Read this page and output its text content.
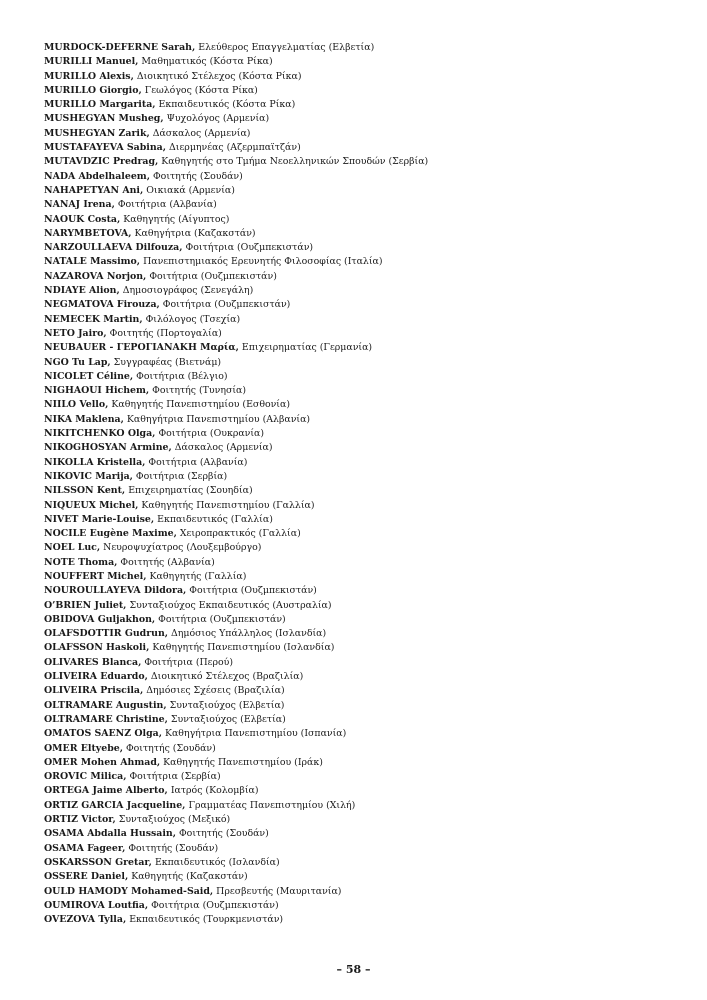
MURDOCK-DEFERNE Sarah, Ελεύθερος Επαγγελματίας (Ελβετία)
MURILLI Manuel, Μαθηματικός (Κόστα Ρίκα)
MURILLO Alexis, Διοικητικό Στέλεχος (Κόστα Ρίκα)
MURILLO Giorgio, Γεωλόγος (Κόστα Ρίκα)
MURILLO Margarita, Εκπαιδευτικός (Κόστα Ρίκα)
MUSHEGYAN Musheg, Ψυχολόγος (Αρμενία)
MUSHEGYAN Zarik, Δάσκαλος (Αρμενία)
MUSTAFAYEVA Sabina, Διερμηνέας (Αζερμπαϊτζάν)
MUTAVDZIC Predrag, Καθηγητής στο Τμήμα Νεοελληνικών Σπουδών (Σερβία)
NADA Abdelhaleem, Φοιτητής (Σουδάν)
NAHAPETYAN Ani, Οικιακά (Αρμενία)
NANAJ Irena, Φοιτήτρια (Αλβανία)
NAOUK Costa, Καθηγητής (Αίγυπτος)
NARYMBETOVA, Καθηγήτρια (Καζακστάν)
NARZOULLAEVA Dilfouza, Φοιτήτρια (Ουζμπεκιστάν)
NATALE Massimo, Πανεπιστημιακός Ερευνητής Φιλοσοφίας (Ιταλία)
NAZAROVA Norjon, Φοιτήτρια (Ουζμπεκιστάν)
NDIAYE Alion, Δημοσιογράφος (Σενεγάλη)
NEGMATOVA Firouza, Φοιτήτρια (Ουζμπεκιστάν)
NEMECEK Martin, Φιλόλογος (Τσεχία)
NETO Jairo, Φοιτητής (Πορτογαλία)
NEUBAUER - ΓΕΡΟΓΙΑΝΑΚΗ Μαρία, Επιχειρηματίας (Γερμανία)
NGO Tu Lap, Συγγραφέας (Βιετνάμ)
NICOLET Céline, Φοιτήτρια (Βέλγιο)
NIGHAOUI Hichem, Φοιτητής (Τυνησία)
NIILO Vello, Καθηγητής Πανεπιστημίου (Εσθονία)
NIKA Maklena, Καθηγήτρια Πανεπιστημίου (Αλβανία)
NIKITCHENKO Olga, Φοιτήτρια (Ουκρανία)
NIKOGHOSYAN Armine, Δάσκαλος (Αρμενία)
NIKOLLA Kristella, Φοιτήτρια (Αλβανία)
NIKOVIC Marija, Φοιτήτρια (Σερβία)
NILSSON Kent, Επιχειρηματίας (Σουηδία)
NIQUEUX Michel, Καθηγητής Πανεπιστημίου (Γαλλία)
NIVET Marie-Louise, Εκπαιδευτικός (Γαλλία)
NOCILE Eugène Maxime, Χειροπρακτικός (Γαλλία)
NOEL Luc, Νευροψυχίατρος (Λουξεμβούργο)
NOTE Thoma, Φοιτητής (Αλβανία)
NOUFFERT Michel, Καθηγητής (Γαλλία)
NOUROULLAYEVA Dildora, Φοιτήτρια (Ουζμπεκιστάν)
O’BRIEN Juliet, Συνταξιούχος Εκπαιδευτικός (Αυστραλία)
OBIDOVA Guljakhon, Φοιτήτρια (Ουζμπεκιστάν)
OLAFSDOTTIR Gudrun, Δημόσιος Υπάλληλος (Ισλανδία)
OLAFSSON Haskoli, Καθηγητής Πανεπιστημίου (Ισλανδία)
OLIVARES Blanca, Φοιτήτρια (Περού)
OLIVEIRA Eduardo, Διοικητικό Στέλεχος (Βραζιλία)
OLIVEIRA Priscila, Δημόσιες Σχέσεις (Βραζιλία)
OLTRAMARE Augustin, Συνταξιούχος (Ελβετία)
OLTRAMARE Christine, Συνταξιούχος (Ελβετία)
OMATOS SAENZ Olga, Καθηγήτρια Πανεπιστημίου (Ισπανία)
OMER Eltyebe, Φοιτητής (Σουδάν)
OMER Mohen Ahmad, Καθηγητής Πανεπιστημίου (Ιράκ)
OROVIC Milica, Φοιτήτρια (Σερβία)
ORTEGA Jaime Alberto, Ιατρός (Κολομβία)
ORTIZ GARCIA Jacqueline, Γραμματέας Πανεπιστημίου (Χιλή)
ORTIZ Victor, Συνταξιούχος (Μεξικό)
OSAMA Abdalla Hussain, Φοιτητής (Σουδάν)
OSAMA Fageer, Φοιτητής (Σουδάν)
OSKARSSON Gretar, Εκπαιδευτικός (Ισλανδία)
OSSERE Daniel, Καθηγητής (Καζακστάν)
OULD HAMODY Mohamed-Said, Πρεσβευτής (Μαυριτανία)
OUMIROVA Loutfia, Φοιτήτρια (Ουζμπεκιστάν)
OVEZOVA Tylla, Εκπαιδευτικός (Τουρκμενιστάν)
– 58 –
